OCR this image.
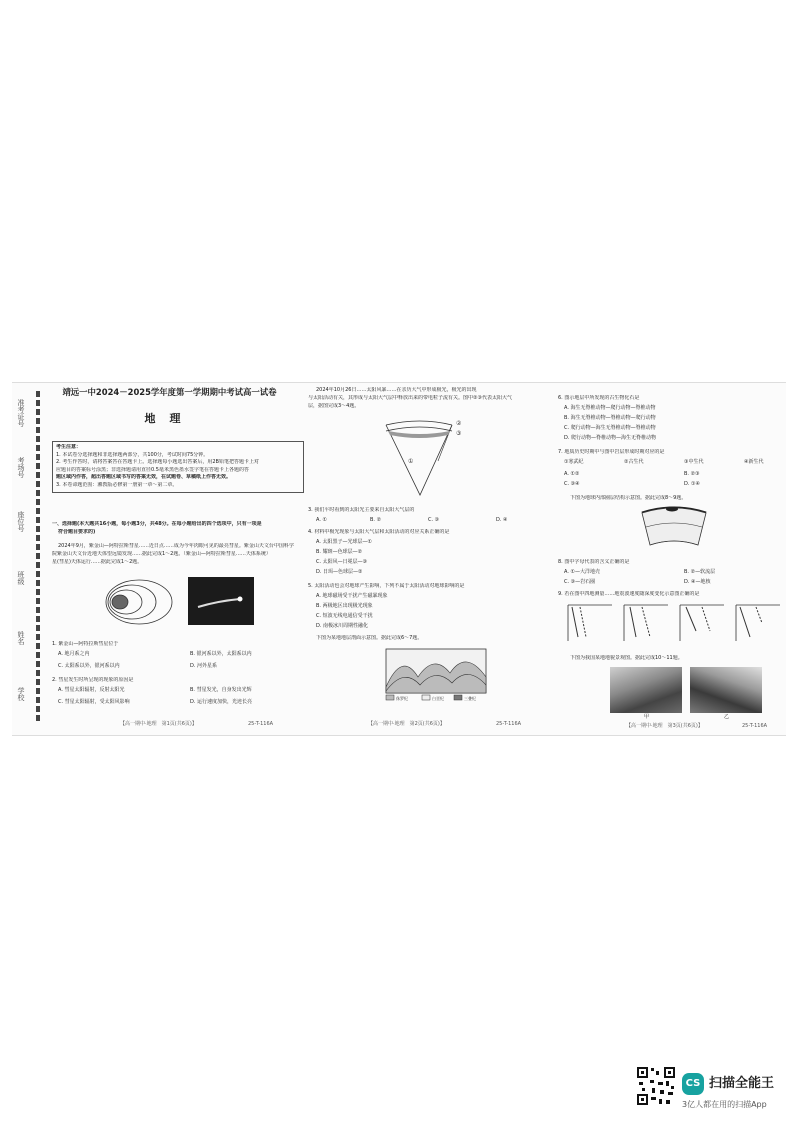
准考证号
考场号
座位号
班级
姓名
学校
靖远一中2024－2025学年度第一学期期中考试高一试卷
地理
考生注意：
1. 本试卷分选择题和非选择题两部分，共100分，考试时间75分钟。
2. 考生作答时，请将答案答在答题卡上。选择题每小题选出答案后，用2B铅笔把答题卡上对
应题目的答案标号涂黑；非选择题请用直径0.5毫米黑色墨水签字笔在答题卡上各题的答
题区域内作答，超出答题区域书写的答案无效，在试题卷、草稿纸上作答无效。
3. 本卷命题范围：湘教版必修第一册第一章～第二章。
一、选择题(本大题共16小题，每小题3分，共48分。在每小题给出的四个选项中，只有一项是
符合题目要求的)
2024年9月，紫金山—阿特拉斯彗星……近日点……成为今年肉眼可见的最亮彗星。紫金山天文台中国科学
院紫金山天文台近地天体望远镜发现……据此完成1～2题。（紫金山—阿特拉斯彗星……天体系统）
星(彗星)天体运行……据此完成1～2题。
1. 紫金山—阿特拉斯彗星位于
A. 地月系之内	B. 银河系以外，太阳系以内
C. 太阳系以外，银河系以内	D. 河外星系
2. 彗星发生时所呈现的现象的原因是
A. 彗星太阳辐射，反射太阳光	B. 彗星发光，自身发出光辉
C. 彗星太阳辐射，受太阳风影响	D. 运行速度加快，光迹长亮
【高一期中·地理　第1页(共6页)】	25-T-116A
2024年10月26日……太阳风暴……在亲历大气中形成极光，极光的出现
与太阳活动有关，其形成与太阳大气层中释放出来的带电粒子流有关。图中②③代表太阳大气
层，据图完成3～4题。
①
②
③
3. 我们平时看到的太阳光主要来自太阳大气层的
A. ①	B. ②	C. ③	D. ④
4. 材料中极光现象与太阳大气层和太阳活动的对应关系正确的是
A. 太阳黑子—光球层—①
B. 耀斑—色球层—②
C. 太阳风—日冕层—③
D. 日珥—色球层—②
5. 太阳活动也会对地球产生影响，下列不属于太阳活动对地球影响的是
A. 地球磁场受干扰产生磁暴现象
B. 两极地区出现极光现象
C. 短波无线电通信受干扰
D. 南极冰川周期性融化
下图为某地地层剖面示意图。据此完成6～7题。
侏罗纪	白垩纪	三叠纪
【高一期中·地理　第2页(共6页)】	25-T-116A
6. 图示地层中所发现的古生物化石是
A. 海生无脊椎动物—爬行动物—脊椎动物
B. 海生无脊椎动物—脊椎动物—爬行动物
C. 爬行动物—海生无脊椎动物—脊椎动物
D. 爬行动物—脊椎动物—海生无脊椎动物
7. 地质历史时期中与图中岩层形成时期对应的是
①寒武纪	②古生代	③中生代	④新生代
A. ①②	B. ②③
C. ③④	D. ①④
下图为地球内部圈层结构示意图。据此完成8～9题。
8. 图中字母代表的含义正确的是
A. ①—大洋地壳	B. ②—软流层
C. ③—岩石圈	D. ④—地核
9. 若在图中四地测量……地震波速度随深度变化示意图正确的是
下图为我国某地地貌景观图。据此完成10～11题。
甲	乙
【高一期中·地理　第3页(共6页)】	25-T-116A
CS 扫描全能王
3亿人都在用的扫描App
